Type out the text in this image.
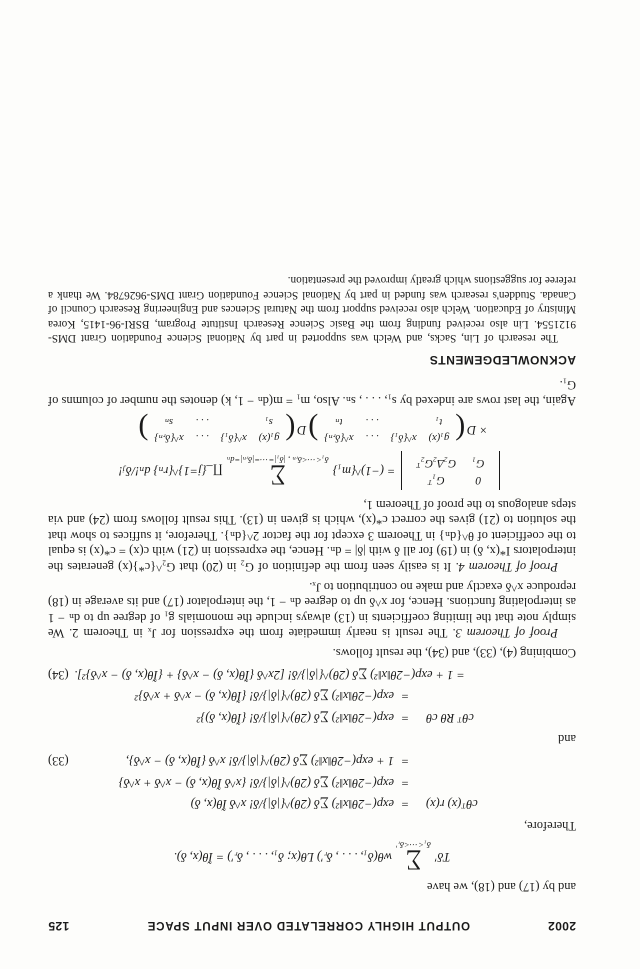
2002
OUTPUT HIGHLY CORRELATED OVER INPUT SPACE
125

and by (17) and (18), we have

Tδ′
∑
δ₁<⋯<δᵣ′
wθ(δ₁, . . . , δᵣ′) Lθ(x; δ₁, . . . , δᵣ′) = Ĩθ(x, δ).

Therefore,

cθᵀ(x) r(x)
=
exp(−2θ‖x‖²) ∑δ (2θ)^{|δ|}/δ! x^δ Ĩθ(x, δ)
=
exp(−2θ‖x‖²) ∑δ (2θ)^{|δ|}/δ! {x^δ Ĩθ(x, δ) − x^δ + x^δ}
=
1 + exp(−2θ‖x‖²) ∑δ (2θ)^{|δ|}/δ! x^δ {Ĩθ(x, δ) − x^δ},
(33)

and

cθᵀ Rθ cθ
=
exp(−2θ‖x‖²) ∑δ (2θ)^{|δ|}/δ! {Ĩθ(x, δ)}²
=
exp(−2θ‖x‖²) ∑δ (2θ)^{|δ|}/δ! {Ĩθ(x, δ) − x^δ + x^δ}²
=
1 + exp(−2θ‖x‖²) ∑δ (2θ)^{|δ|}/δ! [2x^δ {Ĩθ(x, δ) − x^δ} + {Ĩθ(x, δ) − x^δ}²].
(34)

Combining (4), (33), and (34), the result follows.

Proof of Theorem 3. The result is nearly immediate from the expression for Jₓ in Theorem 2. We simply note that the limiting coefficients in (13) always include the monomials g₁ of degree up to dₙ − 1 as interpolating functions. Hence, for x^δ up to degree dₙ − 1, the interpolator (17) and its average in (18) reproduce x^δ exactly and make no contribution to Jₓ.

Proof of Theorem 4. It is easily seen from the definition of G₂ in (20) that G₂^{c*}(x) generates the interpolators I*(x, δ) in (19) for all δ with |δ| = dₙ. Hence, the expression in (21) with c(x) = c*(x) is equal to the coefficient of θ^{dₙ} in Theorem 3 except for the factor 2^{dₙ}. Therefore, it suffices to show that the solution to (21) gives the correct c*(x), which is given in (13). This result follows from (24) and via steps analogous to the proof of Theorem 1,

0	G₁ᵀ
G₁	G₂Δ₂G₂ᵀ
= (−1)^{m₁}
∑
δ₁<⋯<δᵣₙ , |δ₁|=⋯=|δᵣₙ|=dₙ
∏_{j=1}^{rₙ} dₙ!/δⱼ!
× D
(
g₁(x)	x^{δ₁}	. . .	x^{δᵣₙ}
t₁		. . .	tₙ
)
D
(
g₁(x)	x^{δ₁}	. . .	x^{δᵣₙ}
s₁		. . .	sₙ
)

Again, the last rows are indexed by s₁, . . . , sₙ. Also, m₁ = m(dₙ − 1, k) denotes the number of columns of G₁.

ACKNOWLEDGEMENTS

The research of Lin, Sacks, and Welch was supported in part by National Science Foundation Grant DMS-9121554. Lin also received funding from the Basic Science Research Institute Program, BSRI-96-1415, Korea Ministry of Education. Welch also received support from the Natural Sciences and Engineering Research Council of Canada. Studden's research was funded in part by National Science Foundation Grant DMS-9626784. We thank a referee for suggestions which greatly improved the presentation.
